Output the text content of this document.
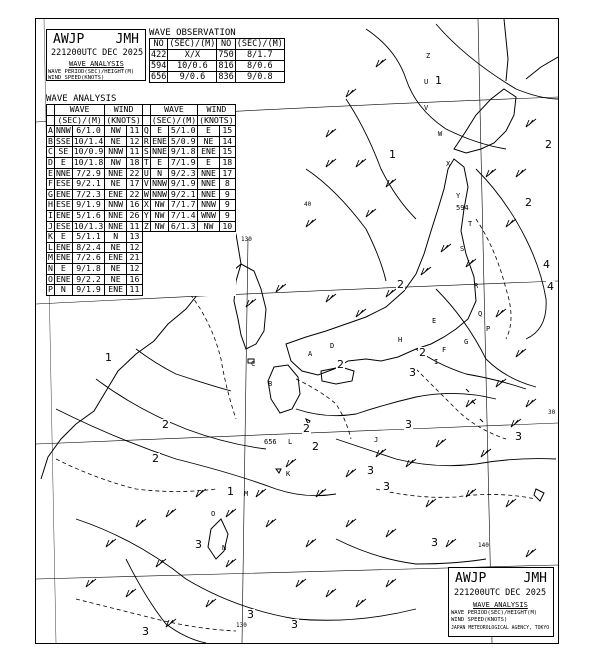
AWJP JMH
221200UTC DEC 2025
WAVE ANALYSIS
WAVE PERIOD(SEC)/HEIGHT(M)
WIND SPEED(KNOTS)
WAVE OBSERVATION
NO	(SEC)/(M)	NO	(SEC)/(M)
422	X/X	750	8/1.7
594	10/0.6	816	8/0.6
656	9/0.6	836	9/0.8
WAVE ANALYSIS
	WAVE		WIND			WAVE		WIND	
	(SEC)/(M)		(KNOTS)			(SEC)/(M)		(KNOTS)	
A	NNW	6/1.0	NW	11	Q	E	5/1.0	E	15
B	SSE	10/1.4	NE	12	R	ENE	5/0.9	NE	14
C	SE	10/0.9	NNW	11	S	NNE	9/1.8	ENE	15
D	E	10/1.8	NW	18	T	E	7/1.9	E	18
E	NNE	7/2.9	NNE	22	U	N	9/2.3	NNE	17
F	ESE	9/2.1	NE	17	V	NNW	9/1.9	NNE	8
G	ENE	7/2.3	ENE	22	W	NNW	9/2.1	NNE	9
H	ESE	9/1.9	NNW	16	X	NW	7/1.7	NNW	9
I	ENE	5/1.6	NNE	26	Y	NW	7/1.4	WNW	9
J	ESE	10/1.3	NNE	11	Z	NW	6/1.3	NW	10
K	E	5/1.1	N	13					
L	ENE	8/2.4	NE	12					
M	ENE	7/2.6	ENE	21					
N	E	9/1.8	NE	12					
O	ENE	9/2.2	NE	16					
P	N	9/1.9	ENE	11					
130
130
140
40
30
594
656
1
1
2
2
1
2
2
3
4
4
2
3
3
3
3
2
2
1
3
3
3
3
2
2
3
A
B
C
D
E
F
G
H
I
J
K
L
M
N
O
P
Q
R
S
T
U
V
W
X
Y
Z
AWJP	JMH
221200UTC DEC 2025
WAVE ANALYSIS
WAVE PERIOD(SEC)/HEIGHT(M)
WIND SPEED(KNOTS)
JAPAN METEOROLOGICAL AGENCY, TOKYO
